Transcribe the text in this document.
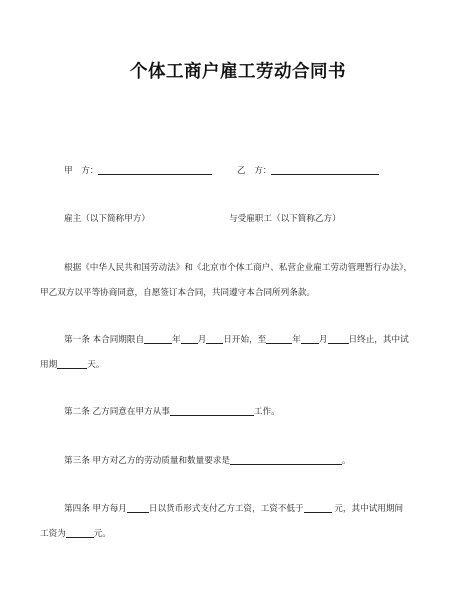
个体工商户雇工劳动合同书
甲　方：	乙　方：
雇主（以下简称甲方）	与受雇职工（以下简称乙方）
根据《中华人民共和国劳动法》和《北京市个体工商户、私营企业雇工劳动管理暂行办法》，
甲乙双方以平等协商同意，自愿签订本合同，共同遵守本合同所列条款。
第一条 本合同期限自	年 月 日开始，至	年 月 日终止，其中试
用期	天。
第二条 乙方同意在甲方从事	工作。
第三条 甲方对乙方的劳动质量和数量要求是	。
第四条 甲方每月	日以货币形式支付乙方工资，工资不低于	元，其中试用期间
工资为	元。
